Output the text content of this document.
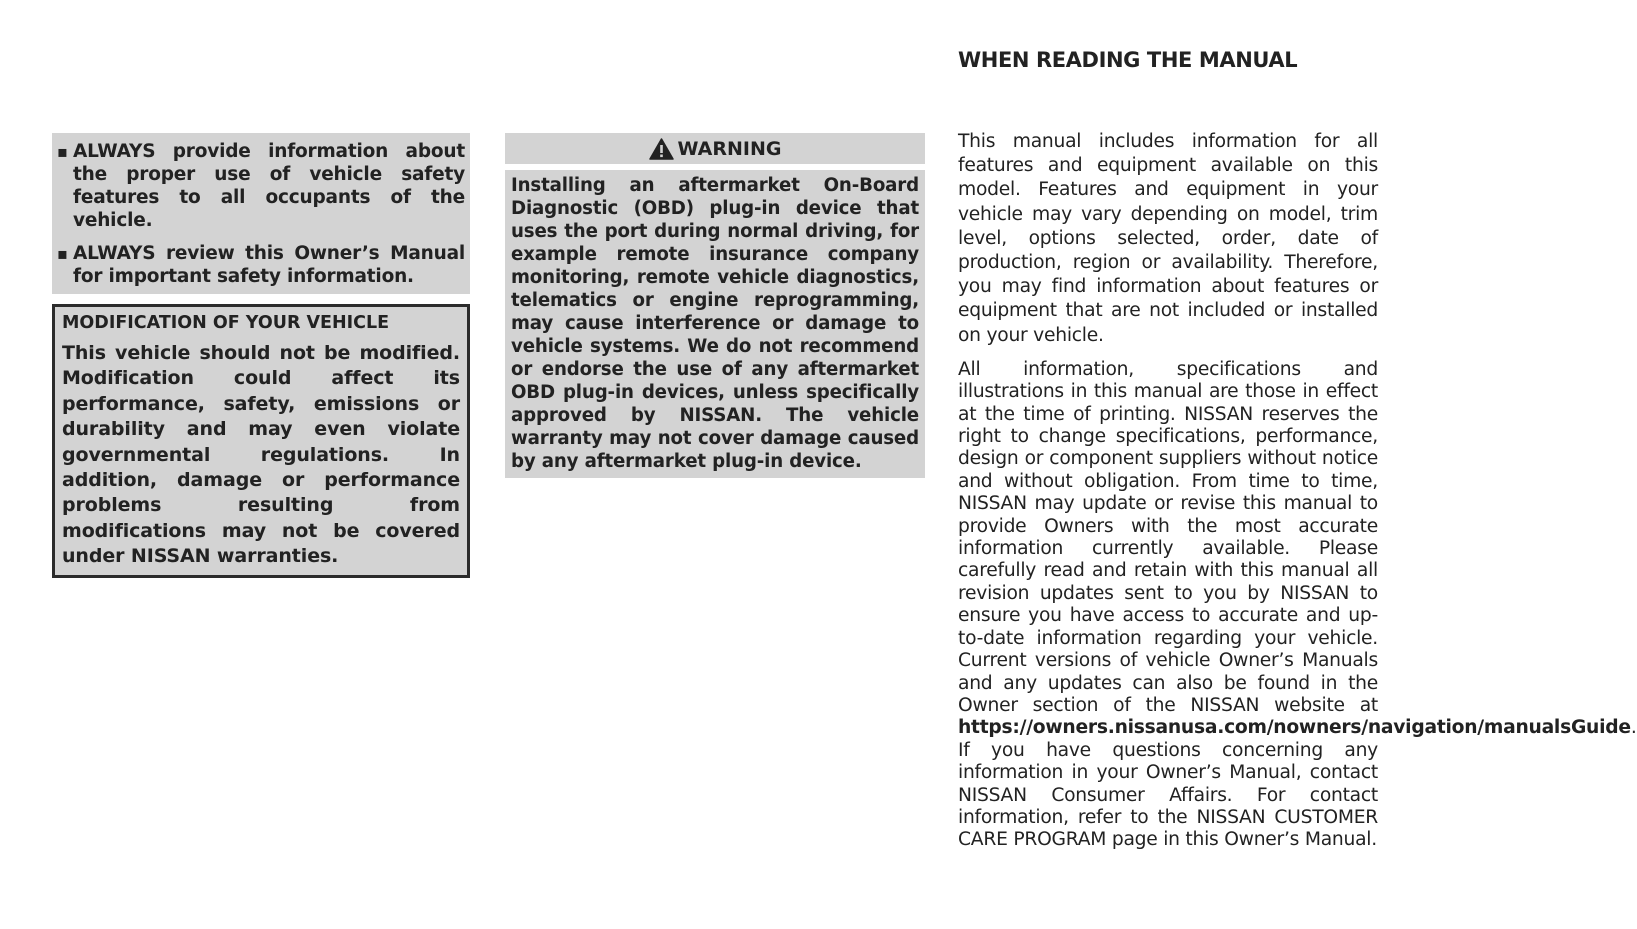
▪ ALWAYS provide information about the proper use of vehicle safety features to all occupants of the vehicle.
▪ ALWAYS review this Owner’s Manual for important safety information.
MODIFICATION OF YOUR VEHICLE
This vehicle should not be modified. Modification could affect its performance, safety, emissions or durability and may even violate governmental regulations. In addition, damage or performance problems resulting from modifications may not be covered under NISSAN warranties.
WARNING
Installing an aftermarket On-Board Diagnostic (OBD) plug-in device that uses the port during normal driving, for example remote insurance company monitoring, remote vehicle diagnostics, telematics or engine reprogramming, may cause interference or damage to vehicle systems. We do not recommend or endorse the use of any aftermarket OBD plug-in devices, unless specifically approved by NISSAN. The vehicle warranty may not cover damage caused by any aftermarket plug-in device.
WHEN READING THE MANUAL
This manual includes information for all features and equipment available on this model. Features and equipment in your vehicle may vary depending on model, trim level, options selected, order, date of production, region or availability. Therefore, you may find information about features or equipment that are not included or installed on your vehicle.
All information, specifications and illustrations in this manual are those in effect at the time of printing. NISSAN reserves the right to change specifications, performance, design or component suppliers without notice and without obligation. From time to time, NISSAN may update or revise this manual to provide Owners with the most accurate information currently available. Please carefully read and retain with this manual all revision updates sent to you by NISSAN to ensure you have access to accurate and up-to-date information regarding your vehicle. Current versions of vehicle Owner’s Manuals and any updates can also be found in the Owner section of the NISSAN website at https://owners.nissanusa.com/nowners/navigation/manualsGuide. If you have questions concerning any information in your Owner’s Manual, contact NISSAN Consumer Affairs. For contact information, refer to the NISSAN CUSTOMER CARE PROGRAM page in this Owner’s Manual.
